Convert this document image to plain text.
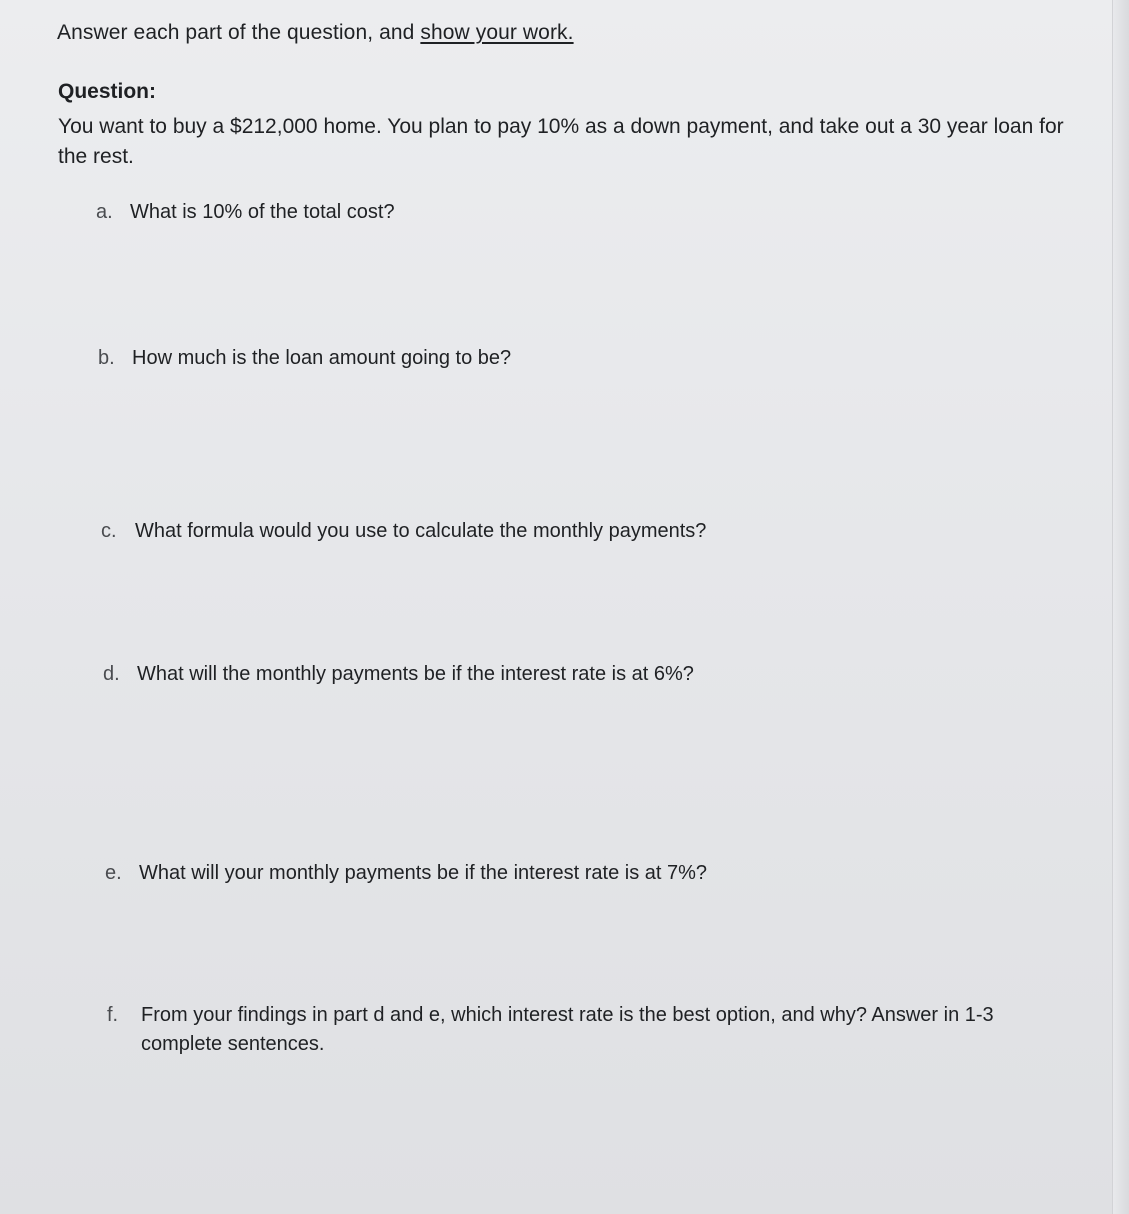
Answer each part of the question, and show your work.
Question:
You want to buy a $212,000 home. You plan to pay 10% as a down payment, and take out a 30 year loan for the rest.
a. What is 10% of the total cost?
b. How much is the loan amount going to be?
c. What formula would you use to calculate the monthly payments?
d. What will the monthly payments be if the interest rate is at 6%?
e. What will your monthly payments be if the interest rate is at 7%?
f. From your findings in part d and e, which interest rate is the best option, and why? Answer in 1-3 complete sentences.
